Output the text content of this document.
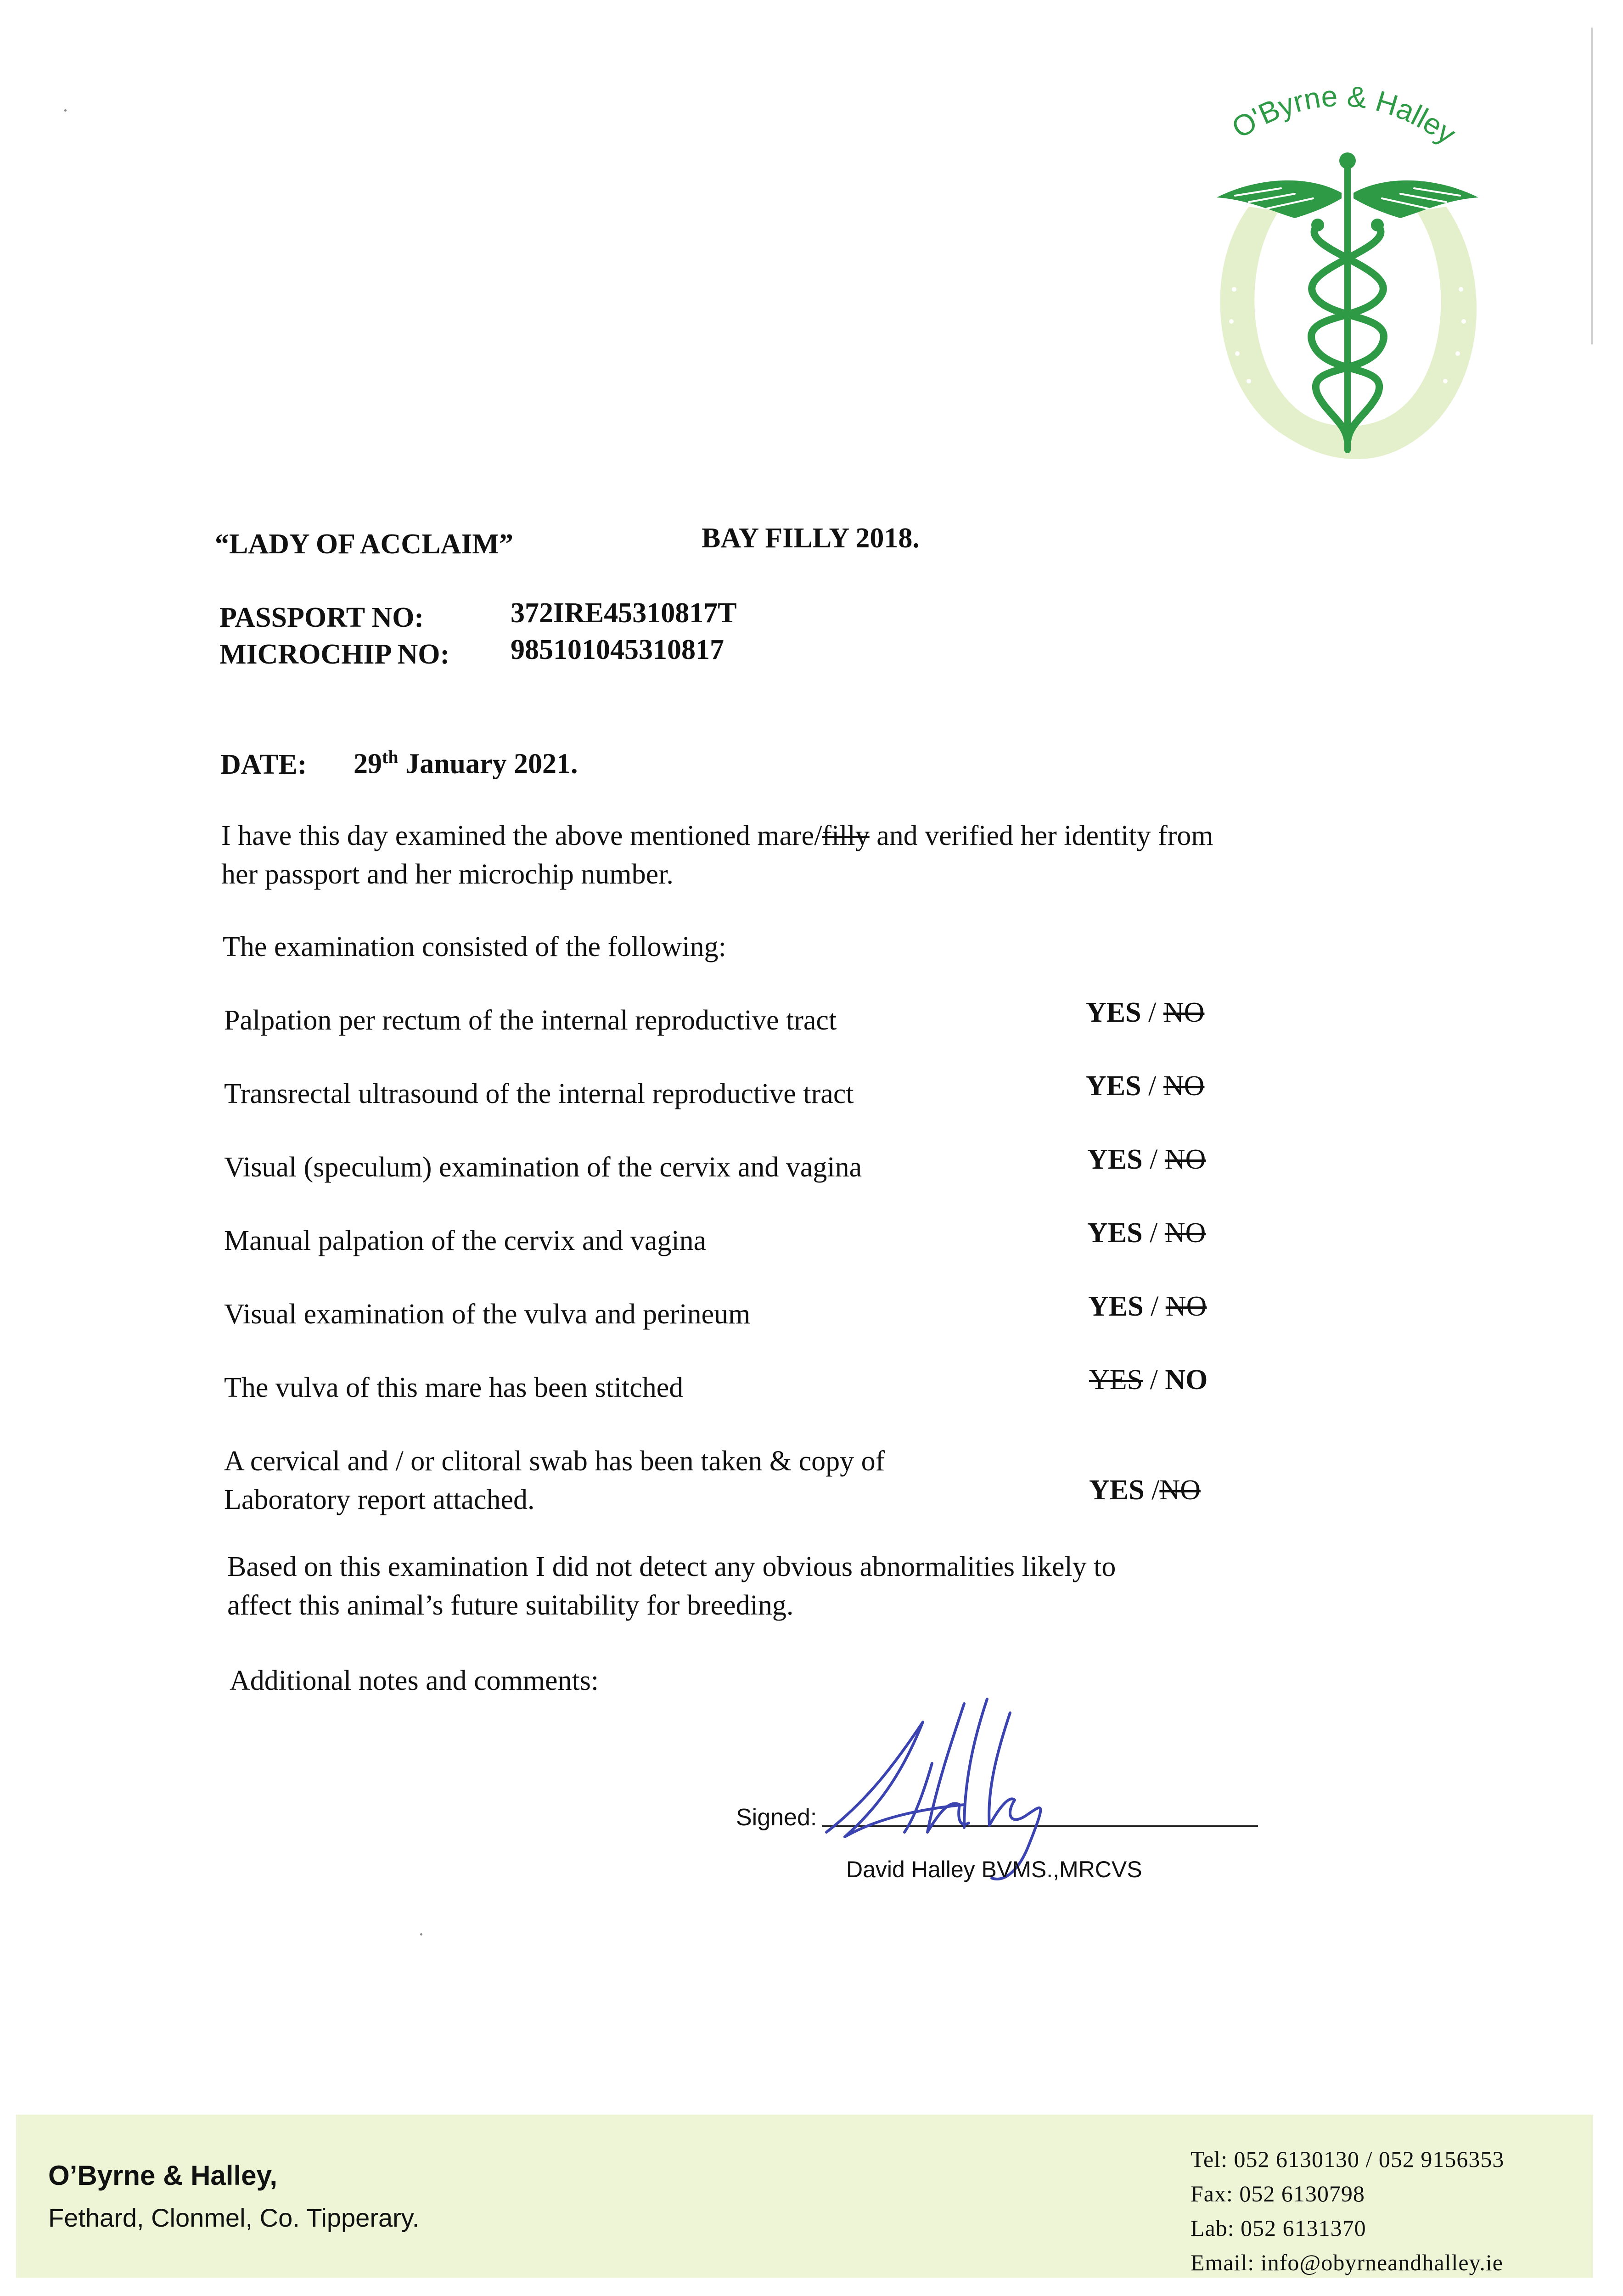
O'Byrne & Halley
“LADY OF ACCLAIM”	BAY FILLY 2018.
PASSPORT NO:	372IRE45310817T
MICROCHIP NO: 985101045310817
DATE: 29th January 2021.
I have this day examined the above mentioned mare/filly and verified her identity from
her passport and her microchip number.
The examination consisted of the following:
Palpation per rectum of the internal reproductive tract	YES / NO
Transrectal ultrasound of the internal reproductive tract	YES / NO
Visual (speculum) examination of the cervix and vagina	YES / NO
Manual palpation of the cervix and vagina	YES / NO
Visual examination of the vulva and perineum	YES / NO
The vulva of this mare has been stitched	YES / NO
A cervical and / or clitoral swab has been taken & copy of
Laboratory report attached.	YES /NO
Based on this examination I did not detect any obvious abnormalities likely to
affect this animal’s future suitability for breeding.
Additional notes and comments:
Signed:
David Halley BVMS.,MRCVS
O’Byrne & Halley,
Fethard, Clonmel, Co. Tipperary.
Tel: 052 6130130 / 052 9156353
Fax: 052 6130798
Lab: 052 6131370
Email: info@obyrneandhalley.ie
